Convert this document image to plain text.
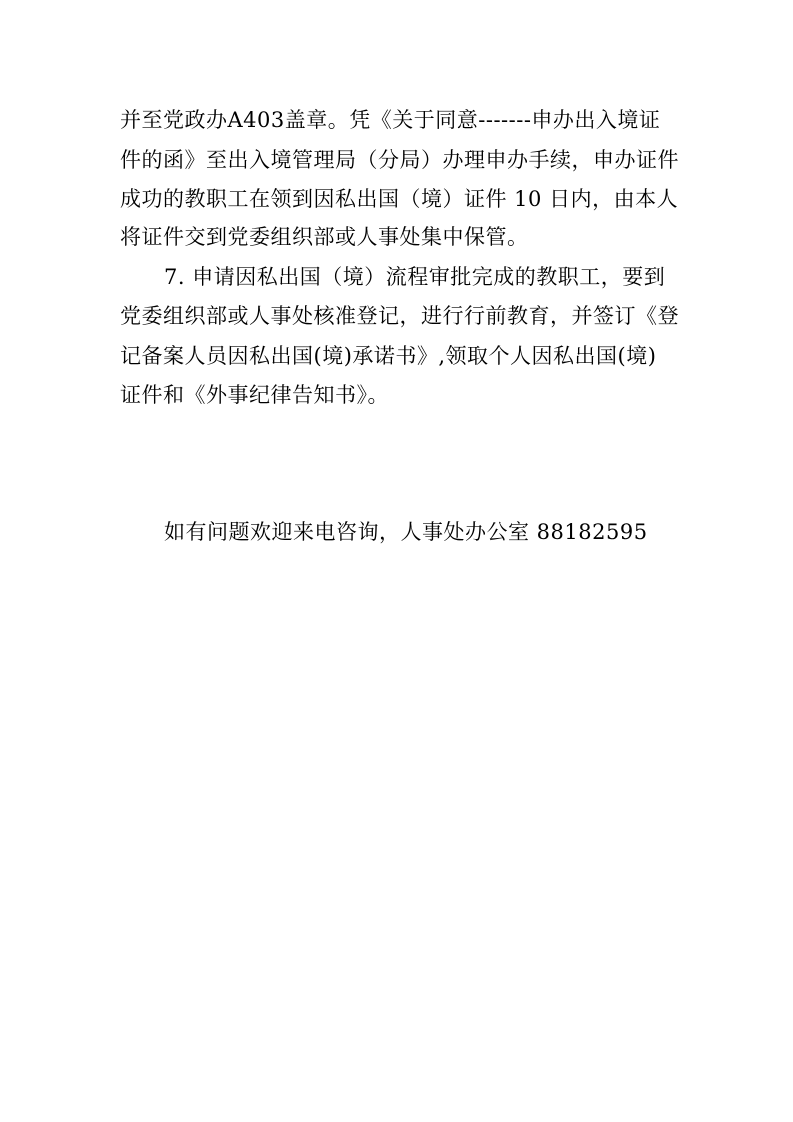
并至党政办A403盖章。凭《关于同意-------申办出入境证
件的函》至出入境管理局（分局）办理申办手续，申办证件
成功的教职工在领到因私出国（境）证件 10 日内，由本人
将证件交到党委组织部或人事处集中保管。
7. 申请因私出国（境）流程审批完成的教职工，要到
党委组织部或人事处核准登记，进行行前教育，并签订《登
记备案人员因私出国(境)承诺书》,领取个人因私出国(境)
证件和《外事纪律告知书》。
如有问题欢迎来电咨询，人事处办公室 88182595
